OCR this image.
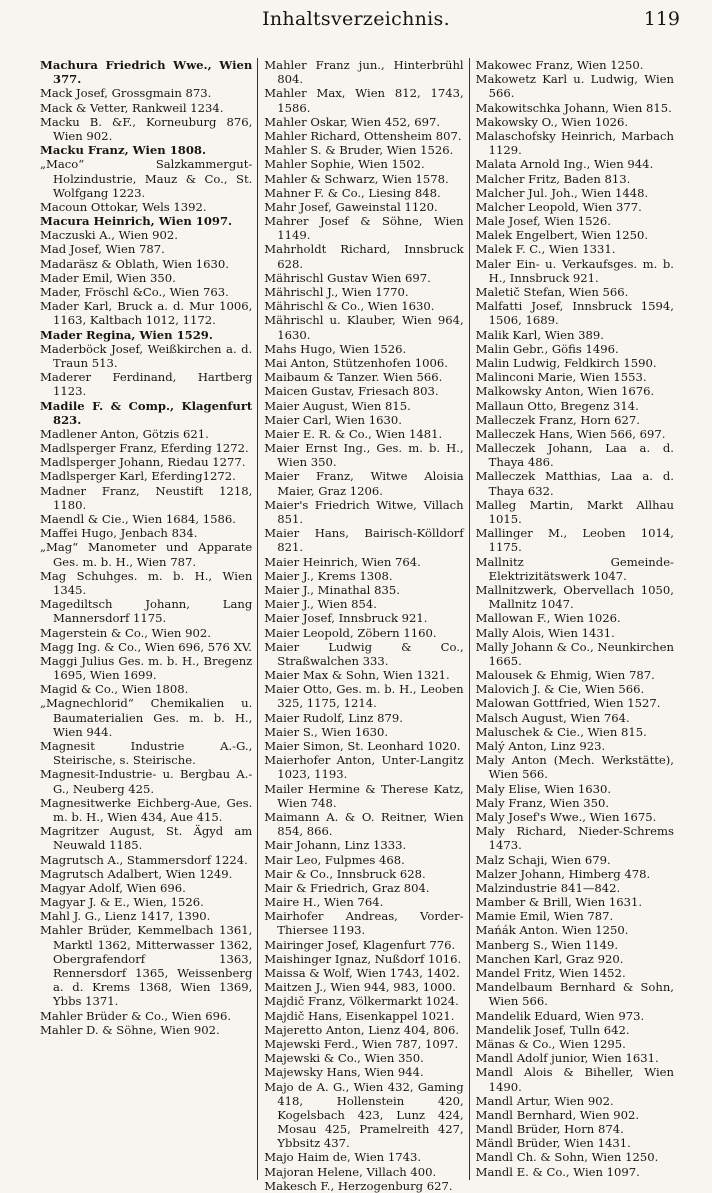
Inhaltsverzeichnis.	119

Machura Friedrich Wwe., Wien 377.

Mack Josef, Grossgmain 873.

Mack & Vetter, Rankweil 1234.

Macku B. &F., Korneuburg 876, Wien 902.

Macku Franz, Wien 1808.

„Maco“ Salzkammergut-Holzindustrie, Mauz & Co., St. Wolfgang 1223.

Macoun Ottokar, Wels 1392.

Macura Heinrich, Wien 1097.

Maczuski A., Wien 902.

Mad Josef, Wien 787.

Madaräsz & Oblath, Wien 1630.

Mader Emil, Wien 350.

Mader, Fröschl &Co., Wien 763.

Mader Karl, Bruck a. d. Mur 1006, 1163, Kaltbach 1012, 1172.

Mader Regina, Wien 1529.

Maderböck Josef, Weißkirchen a. d. Traun 513.

Maderer Ferdinand, Hartberg 1123.

Madile F. & Comp., Klagenfurt 823.

Madlener Anton, Götzis 621.

Madlsperger Franz, Eferding 1272.

Madlsperger Johann, Riedau 1277.

Madlsperger Karl, Eferding1272.

Madner Franz, Neustift 1218, 1180.

Maendl & Cie., Wien 1684, 1586.

Maffei Hugo, Jenbach 834.

„Mag“ Manometer und Apparate Ges. m. b. H., Wien 787.

Mag Schuhges. m. b. H., Wien 1345.

Magediltsch Johann, Lang Mannersdorf 1175.

Magerstein & Co., Wien 902.

Magg Ing. & Co., Wien 696, 576 XV.

Maggi Julius Ges. m. b. H., Bregenz 1695, Wien 1699.

Magid & Co., Wien 1808.

„Magnechlorid“ Chemikalien u. Baumaterialien Ges. m. b. H., Wien 944.

Magnesit Industrie A.-G., Steirische, s. Steirische.

Magnesit-Industrie- u. Bergbau A.-G., Neuberg 425.

Magnesitwerke Eichberg-Aue, Ges. m. b. H., Wien 434, Aue 415.

Magritzer August, St. Ägyd am Neuwald 1185.

Magrutsch A., Stammersdorf 1224.

Magrutsch Adalbert, Wien 1249.

Magyar Adolf, Wien 696.

Magyar J. & E., Wien, 1526.

Mahl J. G., Lienz 1417, 1390.

Mahler Brüder, Kemmelbach 1361, Marktl 1362, Mitterwasser 1362, Obergrafendorf 1363, Rennersdorf 1365, Weissenberg a. d. Krems 1368, Wien 1369, Ybbs 1371.

Mahler Brüder & Co., Wien 696.

Mahler D. & Söhne, Wien 902.

Mahler Franz jun., Hinterbrühl 804.

Mahler Max, Wien 812, 1743, 1586.

Mahler Oskar, Wien 452, 697.

Mahler Richard, Ottensheim 807.

Mahler S. & Bruder, Wien 1526.

Mahler Sophie, Wien 1502.

Mahler & Schwarz, Wien 1578.

Mahner F. & Co., Liesing 848.

Mahr Josef, Gaweinstal 1120.

Mahrer Josef & Söhne, Wien 1149.

Mahrholdt Richard, Innsbruck 628.

Mährischl Gustav Wien 697.

Mährischl J., Wien 1770.

Mährischl & Co., Wien 1630.

Mährischl u. Klauber, Wien 964, 1630.

Mahs Hugo, Wien 1526.

Mai Anton, Stützenhofen 1006.

Maibaum & Tanzer. Wien 566.

Maicen Gustav, Friesach 803.

Maier August, Wien 815.

Maier Carl, Wien 1630.

Maier E. R. & Co., Wien 1481.

Maier Ernst Ing., Ges. m. b. H., Wien 350.

Maier Franz, Witwe Aloisia Maier, Graz 1206.

Maier's Friedrich Witwe, Villach 851.

Maier Hans, Bairisch-Kölldorf 821.

Maier Heinrich, Wien 764.

Maier J., Krems 1308.

Maier J., Minathal 835.

Maier J., Wien 854.

Maier Josef, Innsbruck 921.

Maier Leopold, Zöbern 1160.

Maier Ludwig & Co., Straßwalchen 333.

Maier Max & Sohn, Wien 1321.

Maier Otto, Ges. m. b. H., Leoben 325, 1175, 1214.

Maier Rudolf, Linz 879.

Maier S., Wien 1630.

Maier Simon, St. Leonhard 1020.

Maierhofer Anton, Unter-Langitz 1023, 1193.

Mailer Hermine & Therese Katz, Wien 748.

Maimann A. & O. Reitner, Wien 854, 866.

Mair Johann, Linz 1333.

Mair Leo, Fulpmes 468.

Mair & Co., Innsbruck 628.

Mair & Friedrich, Graz 804.

Maire H., Wien 764.

Mairhofer Andreas, Vorder-Thiersee 1193.

Mairinger Josef, Klagenfurt 776.

Maishinger Ignaz, Nußdorf 1016.

Maissa & Wolf, Wien 1743, 1402.

Maitzen J., Wien 944, 983, 1000.

Majdič Franz, Völkermarkt 1024.

Majdič Hans, Eisenkappel 1021.

Majeretto Anton, Lienz 404, 806.

Majewski Ferd., Wien 787, 1097.

Majewski & Co., Wien 350.

Majewsky Hans, Wien 944.

Majo de A. G., Wien 432, Gaming 418, Hollenstein 420, Kogelsbach 423, Lunz 424, Mosau 425, Pramelreith 427, Ybbsitz 437.

Majo Haim de, Wien 1743.

Majoran Helene, Villach 400.

Makesch F., Herzogenburg 627.

Makowec Franz, Wien 1250.

Makowetz Karl u. Ludwig, Wien 566.

Makowitschka Johann, Wien 815.

Makowsky O., Wien 1026.

Malaschofsky Heinrich, Marbach 1129.

Malata Arnold Ing., Wien 944.

Malcher Fritz, Baden 813.

Malcher Jul. Joh., Wien 1448.

Malcher Leopold, Wien 377.

Male Josef, Wien 1526.

Malek Engelbert, Wien 1250.

Malek F. C., Wien 1331.

Maler Ein- u. Verkaufsges. m. b. H., Innsbruck 921.

Maletič Stefan, Wien 566.

Malfatti Josef, Innsbruck 1594, 1506, 1689.

Malik Karl, Wien 389.

Malin Gebr., Göfis 1496.

Malin Ludwig, Feldkirch 1590.

Malinconi Marie, Wien 1553.

Malkowsky Anton, Wien 1676.

Mallaun Otto, Bregenz 314.

Malleczek Franz, Horn 627.

Malleczek Hans, Wien 566, 697.

Malleczek Johann, Laa a. d. Thaya 486.

Malleczek Matthias, Laa a. d. Thaya 632.

Malleg Martin, Markt Allhau 1015.

Mallinger M., Leoben 1014, 1175.

Mallnitz Gemeinde-Elektrizitätswerk 1047.

Mallnitzwerk, Obervellach 1050, Mallnitz 1047.

Mallowan F., Wien 1026.

Mally Alois, Wien 1431.

Mally Johann & Co., Neunkirchen 1665.

Malousek & Ehmig, Wien 787.

Malovich J. & Cie, Wien 566.

Malowan Gottfried, Wien 1527.

Malsch August, Wien 764.

Maluschek & Cie., Wien 815.

Malý Anton, Linz 923.

Maly Anton (Mech. Werkstätte), Wien 566.

Maly Elise, Wien 1630.

Maly Franz, Wien 350.

Maly Josef's Wwe., Wien 1675.

Maly Richard, Nieder-Schrems 1473.

Malz Schaji, Wien 679.

Malzer Johann, Himberg 478.

Malzindustrie 841—842.

Mamber & Brill, Wien 1631.

Mamie Emil, Wien 787.

Mańák Anton. Wien 1250.

Manberg S., Wien 1149.

Manchen Karl, Graz 920.

Mandel Fritz, Wien 1452.

Mandelbaum Bernhard & Sohn, Wien 566.

Mandelik Eduard, Wien 973.

Mandelik Josef, Tulln 642.

Mänas & Co., Wien 1295.

Mandl Adolf junior, Wien 1631.

Mandl Alois & Biheller, Wien 1490.

Mandl Artur, Wien 902.

Mandl Bernhard, Wien 902.

Mandl Brüder, Horn 874.

Mändl Brüder, Wien 1431.

Mandl Ch. & Sohn, Wien 1250.

Mandl E. & Co., Wien 1097.
